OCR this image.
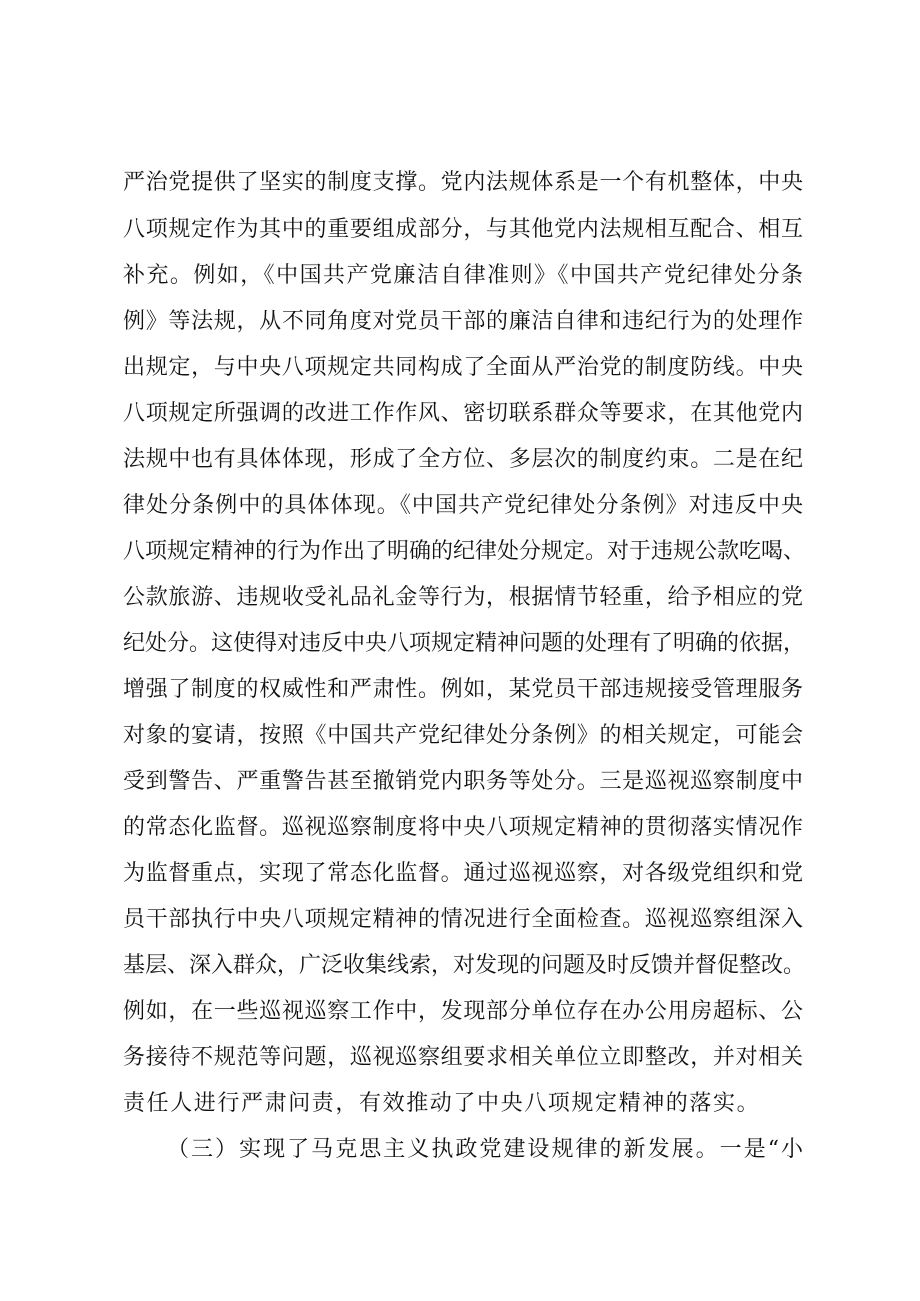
严治党提供了坚实的制度支撑。党内法规体系是一个有机整体，中央
八项规定作为其中的重要组成部分，与其他党内法规相互配合、相互
补充。例如，《中国共产党廉洁自律准则》《中国共产党纪律处分条
例》等法规，从不同角度对党员干部的廉洁自律和违纪行为的处理作
出规定，与中央八项规定共同构成了全面从严治党的制度防线。中央
八项规定所强调的改进工作作风、密切联系群众等要求，在其他党内
法规中也有具体体现，形成了全方位、多层次的制度约束。二是在纪
律处分条例中的具体体现。《中国共产党纪律处分条例》对违反中央
八项规定精神的行为作出了明确的纪律处分规定。对于违规公款吃喝、
公款旅游、违规收受礼品礼金等行为，根据情节轻重，给予相应的党
纪处分。这使得对违反中央八项规定精神问题的处理有了明确的依据，
增强了制度的权威性和严肃性。例如，某党员干部违规接受管理服务
对象的宴请，按照《中国共产党纪律处分条例》的相关规定，可能会
受到警告、严重警告甚至撤销党内职务等处分。三是巡视巡察制度中
的常态化监督。巡视巡察制度将中央八项规定精神的贯彻落实情况作
为监督重点，实现了常态化监督。通过巡视巡察，对各级党组织和党
员干部执行中央八项规定精神的情况进行全面检查。巡视巡察组深入
基层、深入群众，广泛收集线索，对发现的问题及时反馈并督促整改。
例如，在一些巡视巡察工作中，发现部分单位存在办公用房超标、公
务接待不规范等问题，巡视巡察组要求相关单位立即整改，并对相关
责任人进行严肃问责，有效推动了中央八项规定精神的落实。
（三）实现了马克思主义执政党建设规律的新发展。一是“小
